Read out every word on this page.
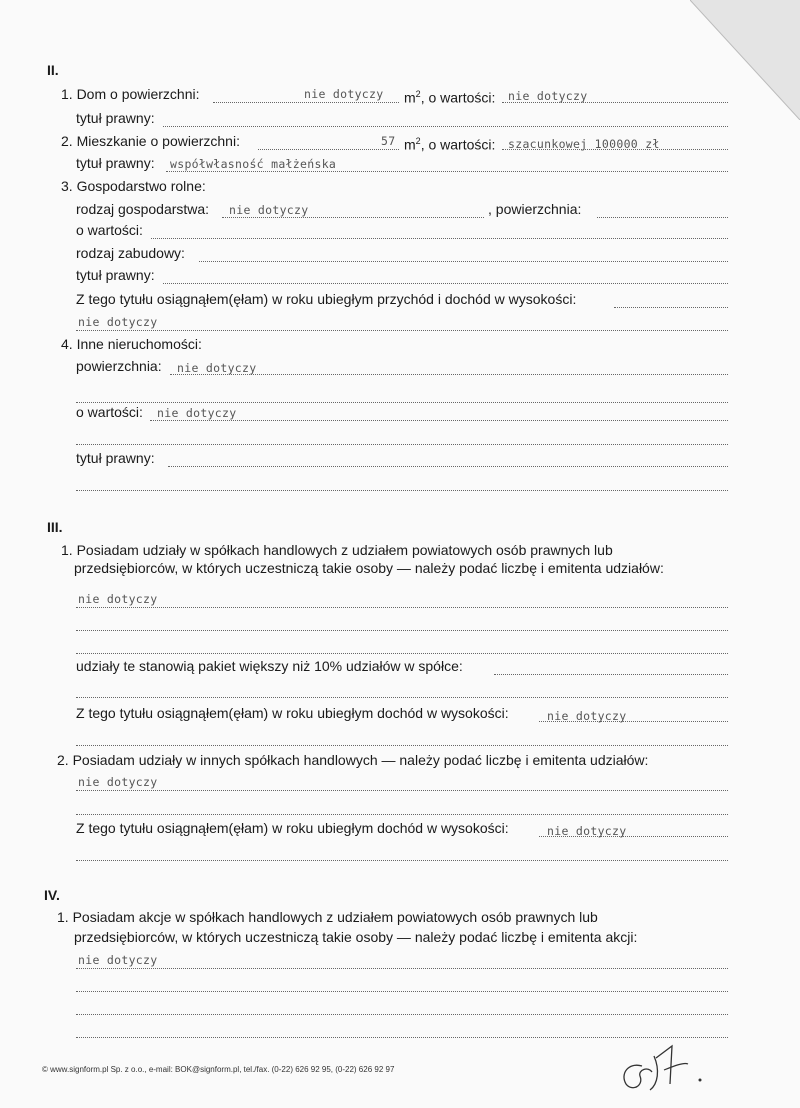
II.
1. Dom o powierzchni:	nie dotyczy $m^2$, o wartości: nie dotyczy
tytuł prawny:
2. Mieszkanie o powierzchni:	57 $m^2$, o wartości: szacunkowej 100000 zł
tytuł prawny: współwłasność małżeńska
3. Gospodarstwo rolne:
rodzaj gospodarstwa: nie dotyczy	, powierzchnia:
o wartości:
rodzaj zabudowy:
tytuł prawny:
Z tego tytułu osiągnąłem(ęłam) w roku ubiegłym przychód i dochód w wysokości:
nie dotyczy
4. Inne nieruchomości:
powierzchnia: nie dotyczy
o wartości: nie dotyczy
tytuł prawny:
III.
1. Posiadam udziały w spółkach handlowych z udziałem powiatowych osób prawnych lub
przedsiębiorców, w których uczestniczą takie osoby — należy podać liczbę i emitenta udziałów:
nie dotyczy
udziały te stanowią pakiet większy niż 10% udziałów w spółce:
Z tego tytułu osiągnąłem(ęłam) w roku ubiegłym dochód w wysokości:	nie dotyczy
2. Posiadam udziały w innych spółkach handlowych — należy podać liczbę i emitenta udziałów:
nie dotyczy
Z tego tytułu osiągnąłem(ęłam) w roku ubiegłym dochód w wysokości:	nie dotyczy
IV.
1. Posiadam akcje w spółkach handlowych z udziałem powiatowych osób prawnych lub
przedsiębiorców, w których uczestniczą takie osoby — należy podać liczbę i emitenta akcji:
nie dotyczy
© www.signform.pl Sp. z o.o., e-mail: BOK@signform.pl, tel./fax. (0-22) 626 92 95, (0-22) 626 92 97
